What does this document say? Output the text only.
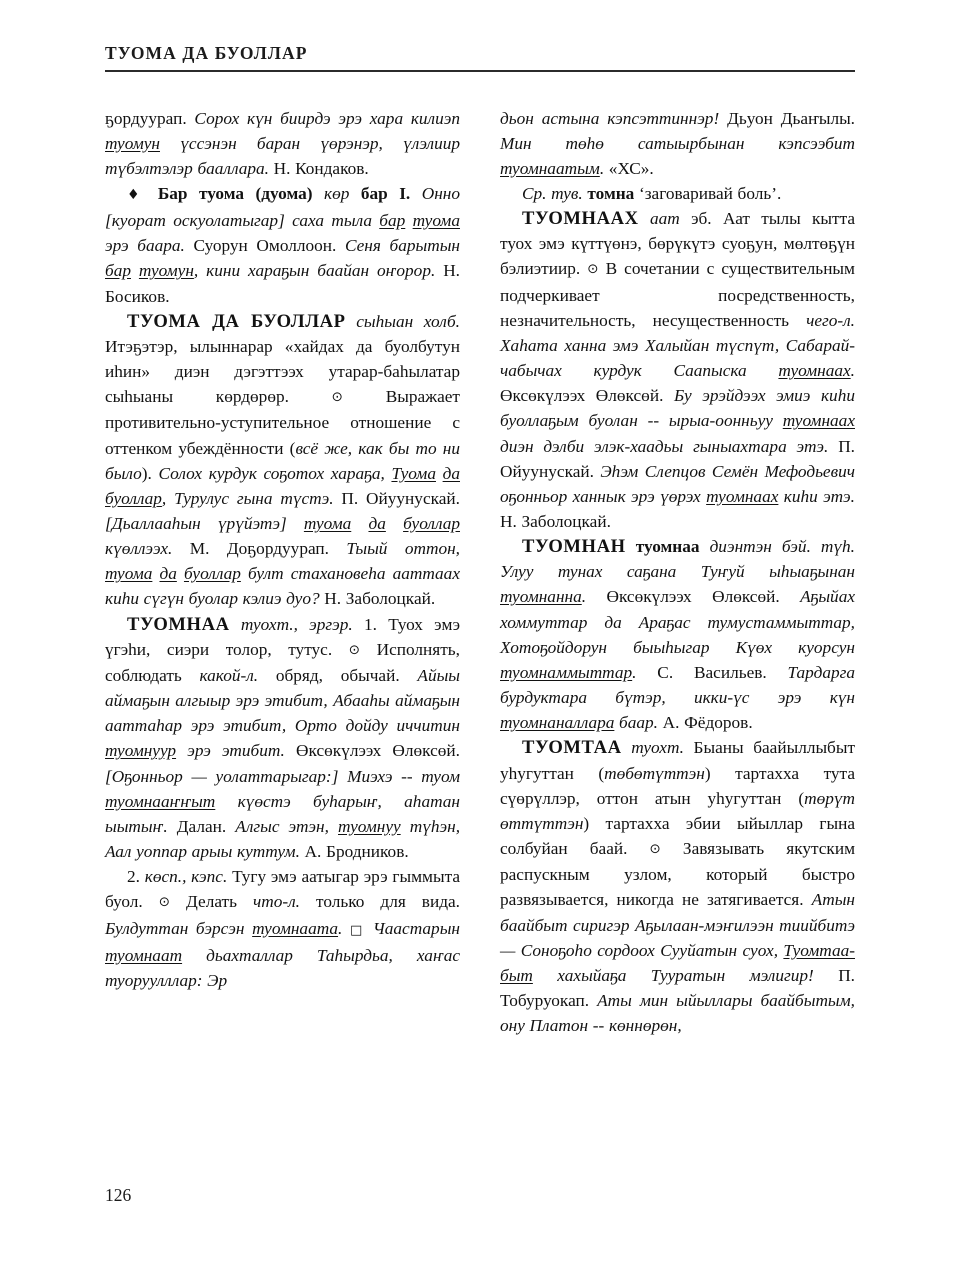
ТУОМА ДА БУОЛЛАР

ҕордуурап. Сорох күн биирдэ эрэ хара килиэп туомун үссэнэн баран үөрэнэр, үлэлиир түбэлтэлэр бааллара. Н. Кондаков.

♦ Бар туома (дуома) көр бар I. Онно [куорат оскуолатыгар] саха тыла бар туома эрэ баара. Суорун Омоллоон. Сеня барытын бар туомун, кини хараҕын баайан оҥорор. Н. Босиков.

ТУОМА ДА БУОЛЛАР сыһыан холб. Итэҕэтэр, ылыннарар «хайдах да буолбутун иһин» диэн дэгэттээх утарар-баһылатар сыһыаны көрдөрөр. ⊙ Выражает противительно-уступительное отношение с оттенком убеждённости (всё же, как бы то ни было). Солох курдук соҕотох хараҕа, Туома да буоллар, Турулус гына түстэ. П. Ойуунускай. [Дьаллааһын үрүйэтэ] туома да буоллар күөллээх. М. Доҕордуурап. Тыый оттон, туома да буоллар булт стахановеһа ааттаах киһи сүгүн буолар кэлиэ дуо? Н. Заболоцкай.

ТУОМНАА туохт., эргэр. 1. Туох эмэ үгэһи, сиэри толор, тутус. ⊙ Исполнять, соблюдать какой-л. обряд, обычай. Айыы аймаҕын алгыыр эрэ этибит, Абааһы аймаҕын ааттаһар эрэ этибит, Орто дойду иччитин туомнуур эрэ этибит. Өксөкүлээх Өлөксөй. [Оҕонньор — уолаттарыгар:] Миэхэ -- туом туомнааҥҥыт күөстэ буһарыҥ, аһатан ыытыҥ. Далан. Алгыс этэн, туомнуу түһэн, Аал уоппар арыы куттум. А. Бродников.

2. көсп., кэпс. Тугу эмэ аатыгар эрэ гыммыта буол. ⊙ Делать что-л. только для вида. Булдуттан бэрсэн туомнаата. □ Чаастарын туомнаат дьахталлар Таһырдьа, хаҥас туоруулллар: Эр

дьон астына кэпсэттиннэр! Дьуон Дьаҥылы. Мин төһө сатыырбынан кэпсээбит туомнаатым. «ХС».

Ср. тув. томна ‘заговаривай боль’.

ТУОМНААХ аат эб. Аат тылы кытта туох эмэ күттүөнэ, бөрүкүтэ суоҕун, мөлтөҕүн бэлиэтиир. ⊙ В сочетании с существительным подчеркивает посредственность, незначительность, несущественность чего-л. Хаһата ханна эмэ Халыйан түспүт, Сабарай-чабычах курдук Саапыска туомнаах. Өксөкүлээх Өлөксөй. Бу эрэйдээх эмиэ киһи буоллаҕым буолан -- ырыа-оонньуу туомнаах диэн дэлби элэк-хаадьы гыныахтара этэ. П. Ойуунускай. Эһэм Слепцов Семён Мефодьевич оҕонньор ханнык эрэ үөрэх туомнаах киһи этэ. Н. Заболоцкай.

ТУОМНАН туомнаа диэнтэн бэй. түһ. Улуу тунах саҕана Туҥуй ыһыаҕынан туомнанна. Өксөкүлээх Өлөксөй. Аҕыйах хоммуттар да Араҕас тумустаммыттар, Хотоҕойдорун быыһыгар Күөх куорсун туомнаммыттар. С. Васильев. Тардарга бурдуктара бүтэр, икки-үс эрэ күн туомнаналлара баар. А. Фёдоров.

ТУОМТАА туохт. Быаны баайыллыбыт уһугуттан (төбөтүттэн) тартахха тута сүөрүллэр, оттон атын уһугуттан (төрүт өттүттэн) тартахха эбии ыйыллар гына солбуйан баай. ⊙ Завязывать якутским распускным узлом, который быстро развязывается, никогда не затягивается. Атын баайбыт сиригэр Аҕылаан-мэҥилээн тиийбитэ — Соноҕоһо сордоох Сууйатын суох, Туомтаа-быт хахыйаҕа Тууратын мэлигир! П. Тобуруокап. Аты мин ыйыллары баайбытым, ону Платон -- көннөрөн,

126
